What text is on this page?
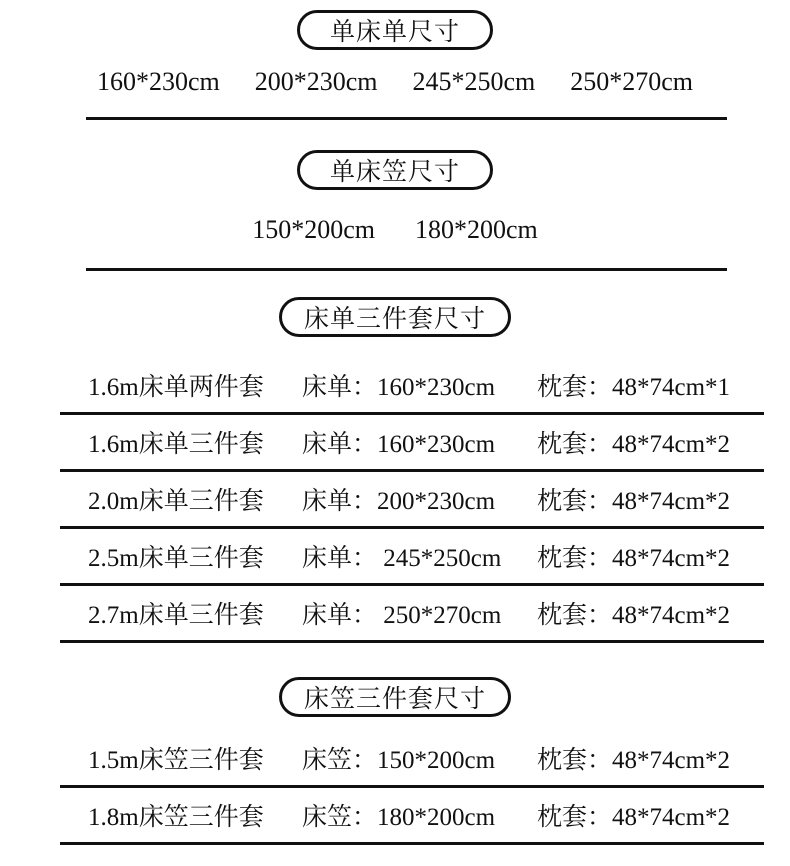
单床单尺寸
160*230cm 200*230cm 245*250cm 250*270cm
单床笠尺寸
150*200cm 180*200cm
床单三件套尺寸
1.6m床单两件套	床单：160*230cm	枕套：48*74cm*1
1.6m床单三件套	床单：160*230cm	枕套：48*74cm*2
2.0m床单三件套	床单：200*230cm	枕套：48*74cm*2
2.5m床单三件套	床单： 245*250cm	枕套：48*74cm*2
2.7m床单三件套	床单： 250*270cm	枕套：48*74cm*2
床笠三件套尺寸
1.5m床笠三件套	床笠：150*200cm	枕套：48*74cm*2
1.8m床笠三件套	床笠：180*200cm	枕套：48*74cm*2
